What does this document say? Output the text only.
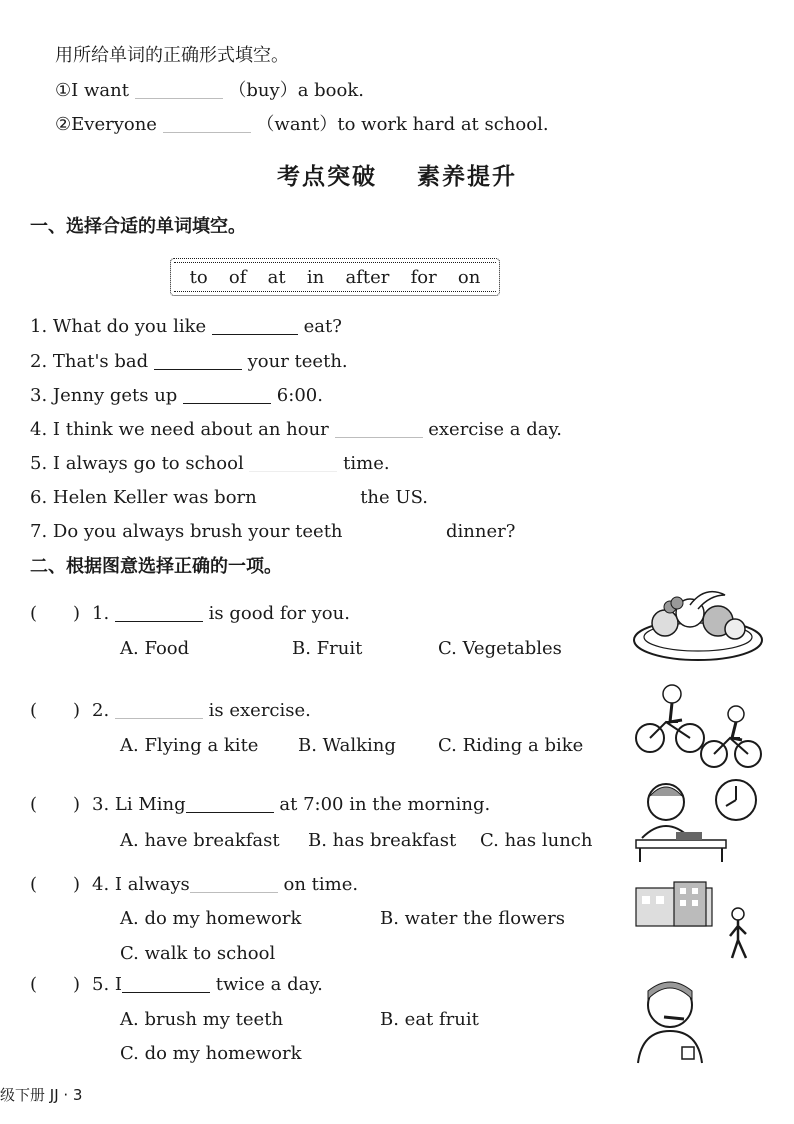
用所给单词的正确形式填空。
①I want	（buy）a book.
②Everyone	（want）to work hard at school.
考点突破 素养提升
一、选择合适的单词填空。
to of at in after for on
1. What do you like	eat?
2. That's bad	your teeth.
3. Jenny gets up	6:00.
4. I think we need about an hour	exercise a day.
5. I always go to school	time.
6. Helen Keller was born	the US.
7. Do you always brush your teeth	dinner?
二、根据图意选择正确的一项。
(　　) 1.	is good for you.
A. Food	B. Fruit	C. Vegetables
(　　) 2.	is exercise.
A. Flying a kite B. Walking C. Riding a bike
(　　) 3. Li Ming	at 7:00 in the morning.
A. have breakfast B. has breakfast C. has lunch
(　　) 4. I always	on time.
A. do my homework	B. water the flowers
C. walk to school
(　　) 5. I	twice a day.
A. brush my teeth	B. eat fruit
C. do my homework
级下册 JJ · 3
